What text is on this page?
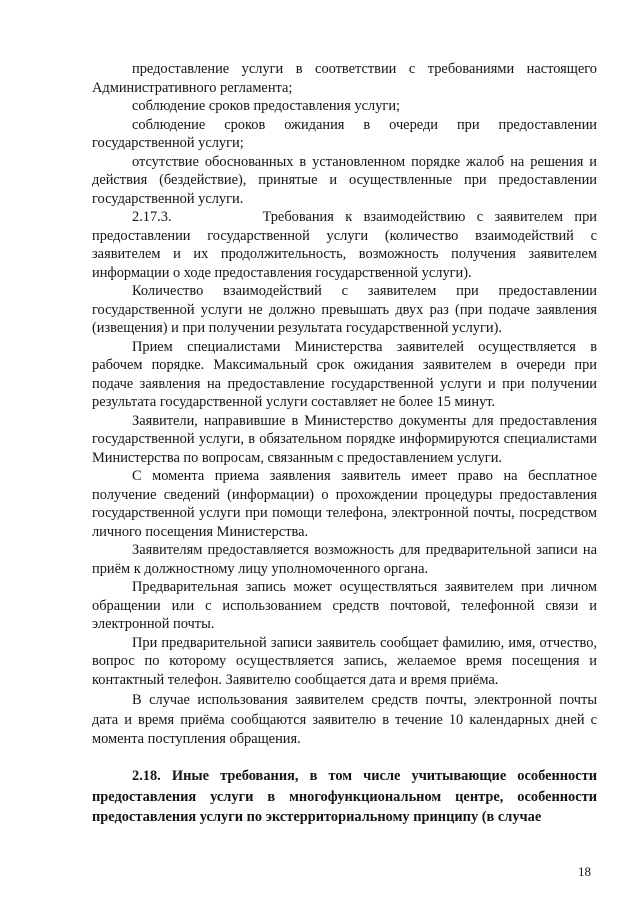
предоставление услуги в соответствии с требованиями настоящего Административного регламента;

соблюдение сроков предоставления услуги;

соблюдение сроков ожидания в очереди при предоставлении государственной услуги;

отсутствие обоснованных в установленном порядке жалоб на решения и действия (бездействие), принятые и осуществленные при предоставлении государственной услуги.

2.17.3.        Требования к взаимодействию с заявителем при предоставлении государственной услуги (количество взаимодействий с заявителем и их продолжительность, возможность получения заявителем информации о ходе предоставления государственной услуги).

Количество взаимодействий с заявителем при предоставлении государственной услуги не должно превышать двух раз (при подаче заявления (извещения) и при получении результата государственной услуги).

Прием специалистами Министерства заявителей осуществляется в рабочем порядке. Максимальный срок ожидания заявителем в очереди при подаче заявления на предоставление государственной услуги и при получении результата государственной услуги составляет не более 15 минут.

Заявители, направившие в Министерство документы для предоставления государственной услуги, в обязательном порядке информируются специалистами Министерства по вопросам, связанным с предоставлением услуги.

С момента приема заявления заявитель имеет право на бесплатное получение сведений (информации) о прохождении процедуры предоставления государственной услуги при помощи телефона, электронной почты, посредством личного посещения Министерства.

Заявителям предоставляется возможность для предварительной записи на приём к должностному лицу уполномоченного органа.

Предварительная запись может осуществляться заявителем при личном обращении или с использованием средств почтовой, телефонной связи и электронной почты.

При предварительной записи заявитель сообщает фамилию, имя, отчество, вопрос по которому осуществляется запись, желаемое время посещения и контактный телефон. Заявителю сообщается дата и время приёма.

В случае использования заявителем средств почты, электронной почты дата и время приёма сообщаются заявителю в течение 10 календарных дней с момента поступления обращения.

2.18. Иные требования, в том числе учитывающие особенности предоставления услуги в многофункциональном центре, особенности предоставления услуги по экстерриториальному принципу (в случае

18
